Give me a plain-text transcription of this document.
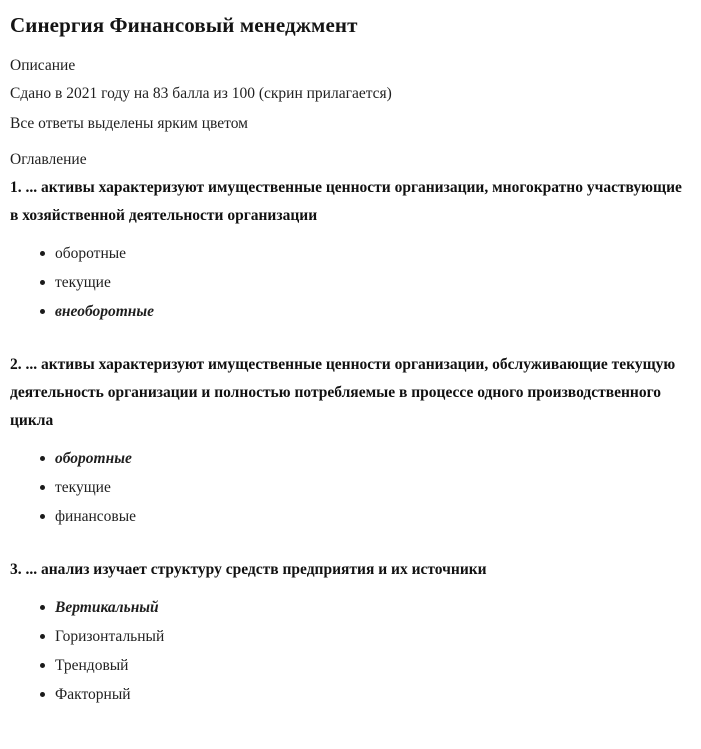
Синергия Финансовый менеджмент

Описание

Сдано в 2021 году на 83 балла из 100 (скрин прилагается)

Все ответы выделены ярким цветом

Оглавление

1. ... активы характеризуют имущественные ценности организации, многократно участвующие в хозяйственной деятельности организации

оборотные
текущие
внеоборотные

2. ... активы характеризуют имущественные ценности организации, обслуживающие текущую деятельность организации и полностью потребляемые в процессе одного производственного цикла

оборотные
текущие
финансовые

3. ... анализ изучает структуру средств предприятия и их источники

Вертикальный
Горизонтальный
Трендовый
Факторный
